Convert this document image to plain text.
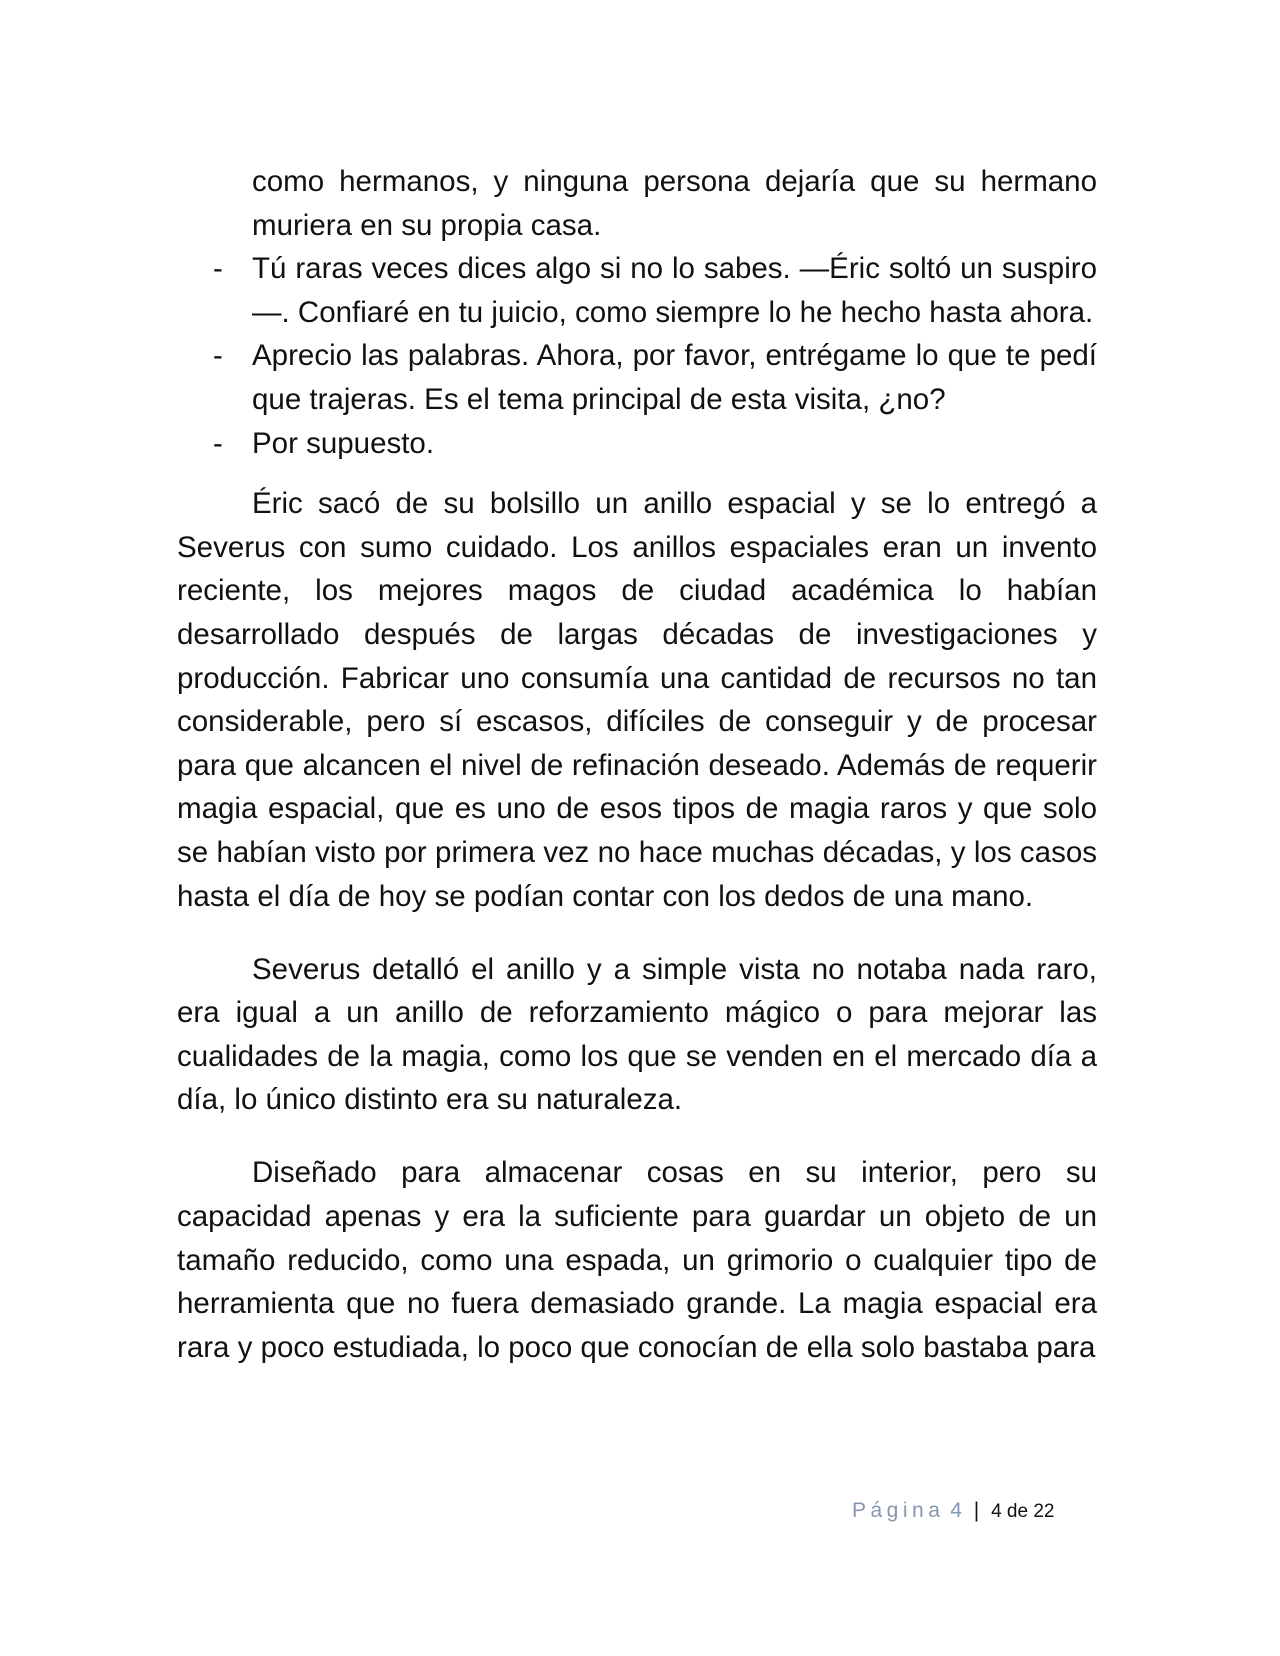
como hermanos, y ninguna persona dejaría que su hermano muriera en su propia casa.
- Tú raras veces dices algo si no lo sabes. —Éric soltó un suspiro—. Confiaré en tu juicio, como siempre lo he hecho hasta ahora.
- Aprecio las palabras. Ahora, por favor, entrégame lo que te pedí que trajeras. Es el tema principal de esta visita, ¿no?
- Por supuesto.

Éric sacó de su bolsillo un anillo espacial y se lo entregó a Severus con sumo cuidado. Los anillos espaciales eran un invento reciente, los mejores magos de ciudad académica lo habían desarrollado después de largas décadas de investigaciones y producción. Fabricar uno consumía una cantidad de recursos no tan considerable, pero sí escasos, difíciles de conseguir y de procesar para que alcancen el nivel de refinación deseado. Además de requerir magia espacial, que es uno de esos tipos de magia raros y que solo se habían visto por primera vez no hace muchas décadas, y los casos hasta el día de hoy se podían contar con los dedos de una mano.

Severus detalló el anillo y a simple vista no notaba nada raro, era igual a un anillo de reforzamiento mágico o para mejorar las cualidades de la magia, como los que se venden en el mercado día a día, lo único distinto era su naturaleza.

Diseñado para almacenar cosas en su interior, pero su capacidad apenas y era la suficiente para guardar un objeto de un tamaño reducido, como una espada, un grimorio o cualquier tipo de herramienta que no fuera demasiado grande. La magia espacial era rara y poco estudiada, lo poco que conocían de ella solo bastaba para

Página 4 | 4 de 22
